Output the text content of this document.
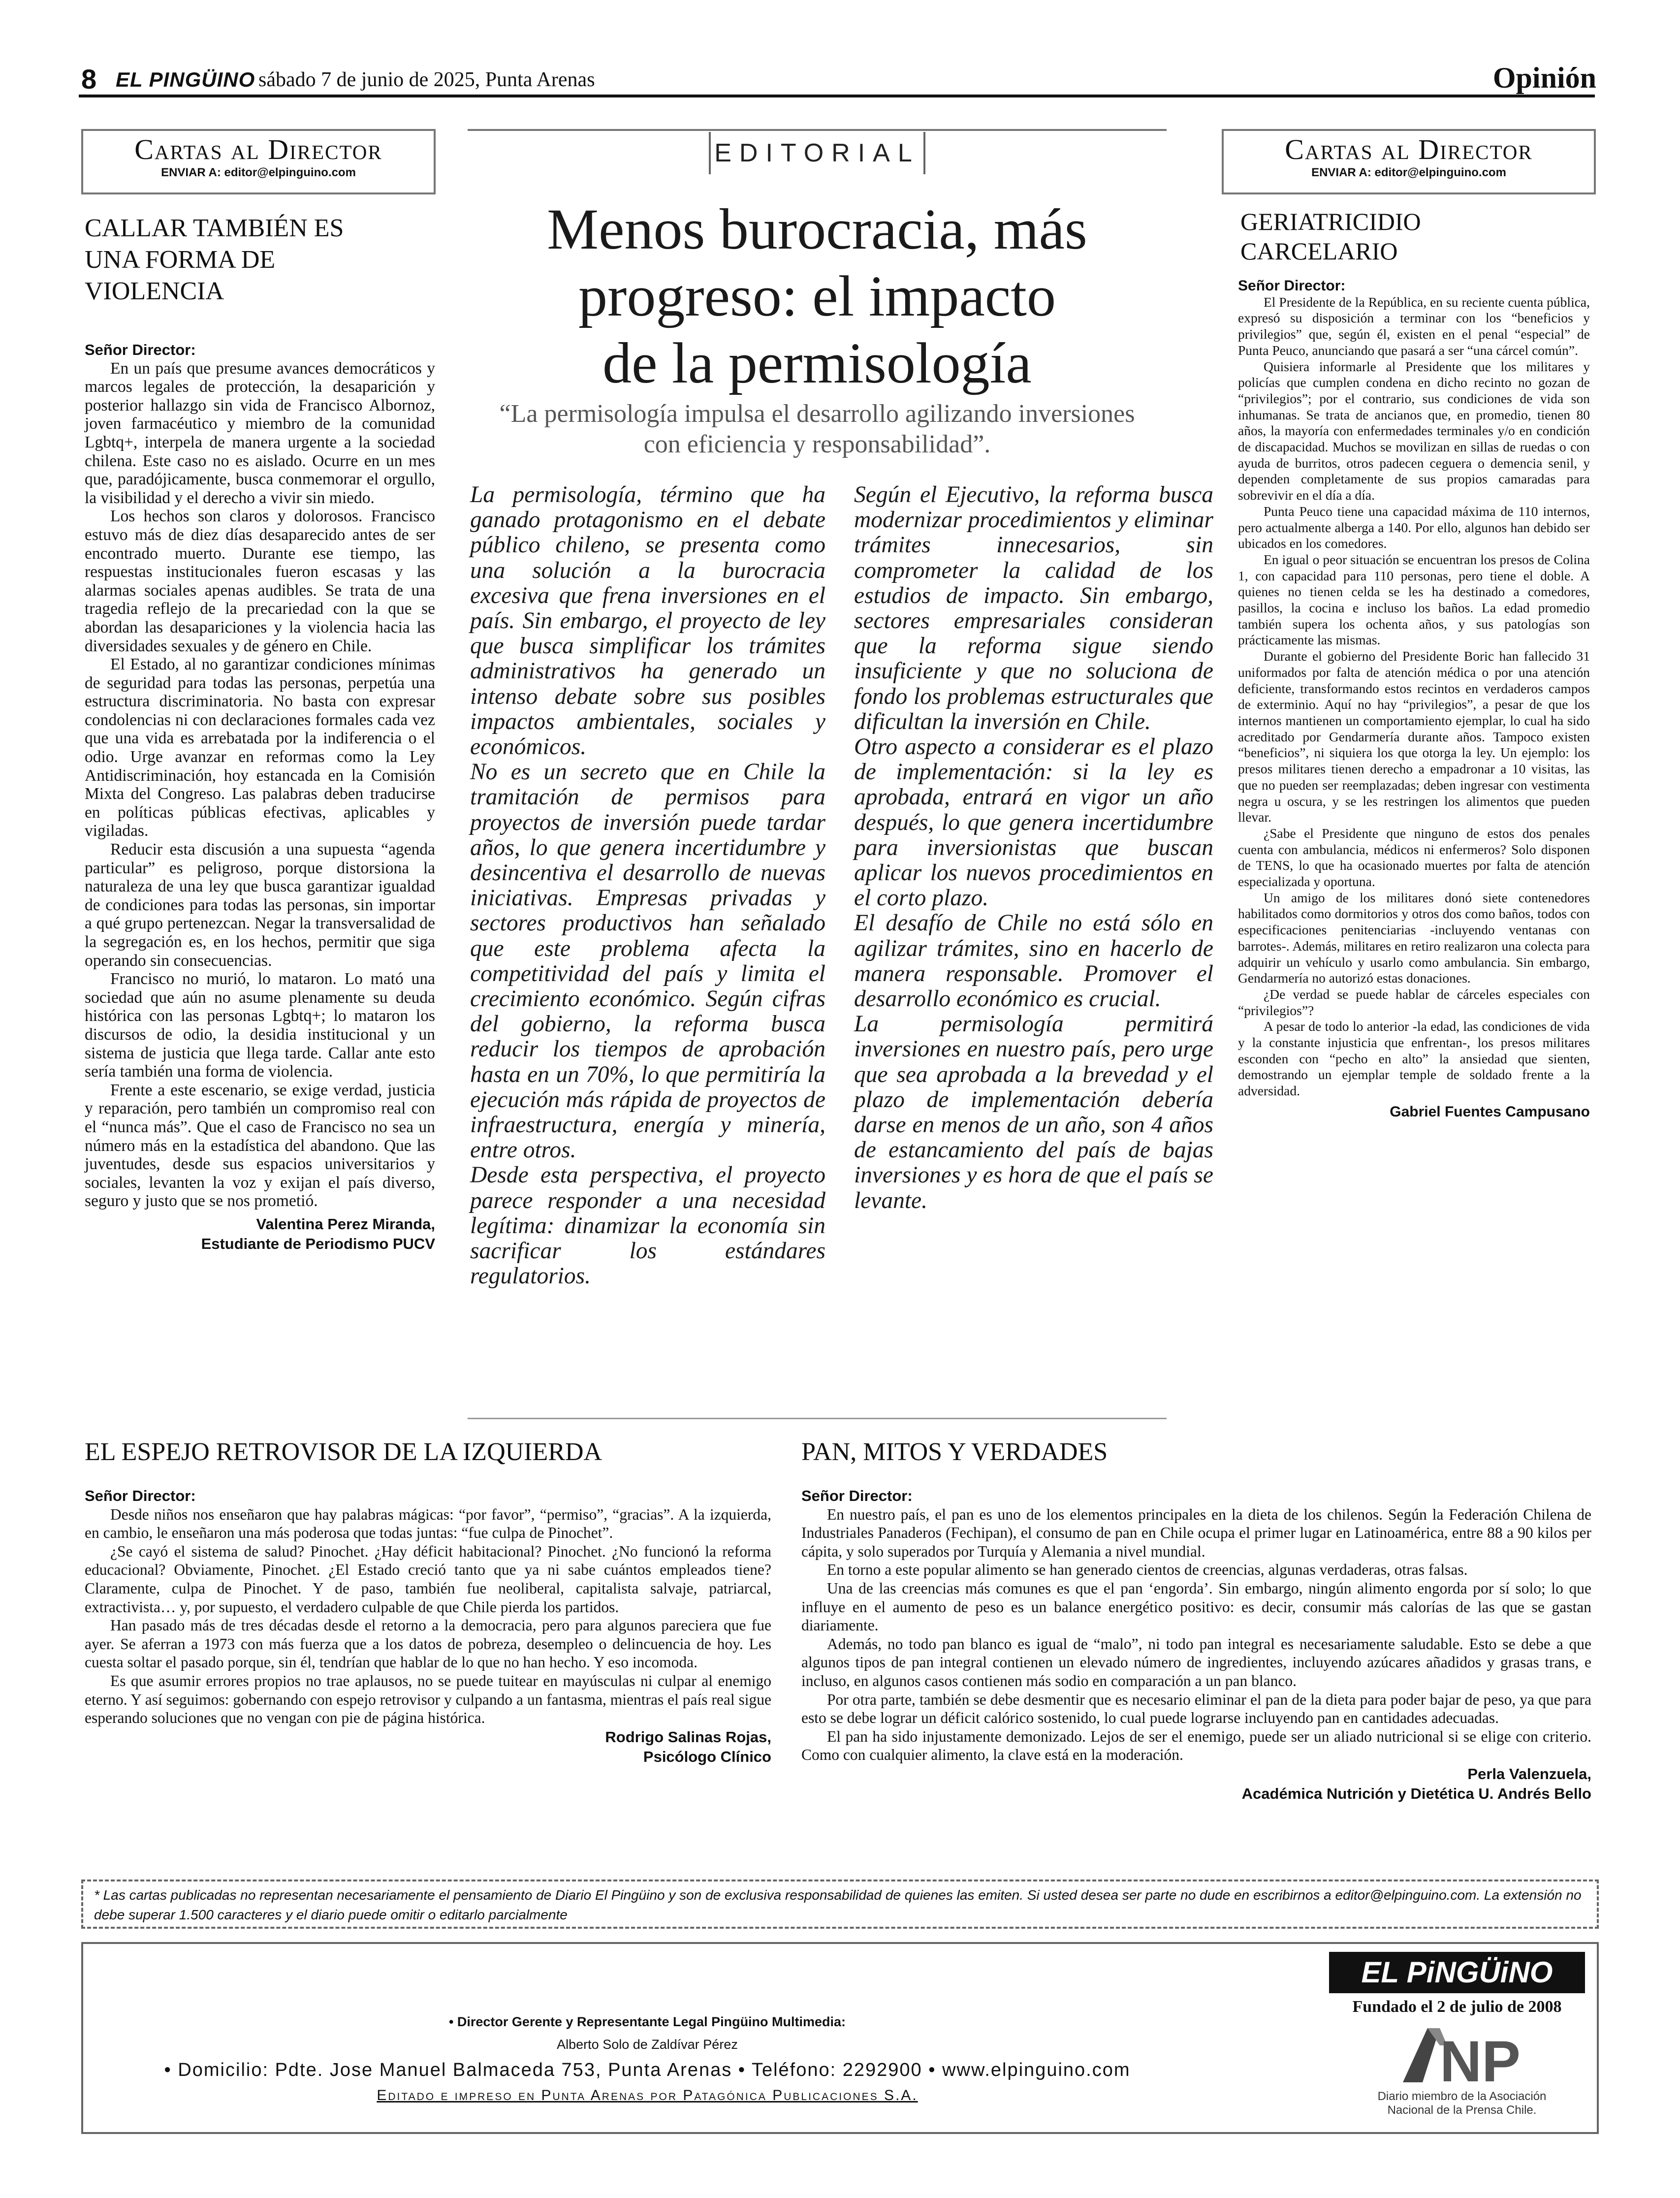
8 EL PINGÜINO sábado 7 de junio de 2025, Punta Arenas	Opinión
Cartas al Director
ENVIAR A: editor@elpinguino.com
CALLAR TAMBIÉN ES UNA FORMA DE VIOLENCIA

Señor Director:

En un país que presume avances democráticos y marcos legales de protección, la desaparición y posterior hallazgo sin vida de Francisco Albornoz, joven farmacéutico y miembro de la comunidad Lgbtq+, interpela de manera urgente a la sociedad chilena. Este caso no es aislado. Ocurre en un mes que, paradójicamente, busca conmemorar el orgullo, la visibilidad y el derecho a vivir sin miedo.

Los hechos son claros y dolorosos. Francisco estuvo más de diez días desaparecido antes de ser encontrado muerto. Durante ese tiempo, las respuestas institucionales fueron escasas y las alarmas sociales apenas audibles. Se trata de una tragedia reflejo de la precariedad con la que se abordan las desapariciones y la violencia hacia las diversidades sexuales y de género en Chile.

El Estado, al no garantizar condiciones mínimas de seguridad para todas las personas, perpetúa una estructura discriminatoria. No basta con expresar condolencias ni con declaraciones formales cada vez que una vida es arrebatada por la indiferencia o el odio. Urge avanzar en reformas como la Ley Antidiscriminación, hoy estancada en la Comisión Mixta del Congreso. Las palabras deben traducirse en políticas públicas efectivas, aplicables y vigiladas.

Reducir esta discusión a una supuesta “agenda particular” es peligroso, porque distorsiona la naturaleza de una ley que busca garantizar igualdad de condiciones para todas las personas, sin importar a qué grupo pertenezcan. Negar la transversalidad de la segregación es, en los hechos, permitir que siga operando sin consecuencias.

Francisco no murió, lo mataron. Lo mató una sociedad que aún no asume plenamente su deuda histórica con las personas Lgbtq+; lo mataron los discursos de odio, la desidia institucional y un sistema de justicia que llega tarde. Callar ante esto sería también una forma de violencia.

Frente a este escenario, se exige verdad, justicia y reparación, pero también un compromiso real con el “nunca más”. Que el caso de Francisco no sea un número más en la estadística del abandono. Que las juventudes, desde sus espacios universitarios y sociales, levanten la voz y exijan el país diverso, seguro y justo que se nos prometió.

Valentina Perez Miranda,
Estudiante de Periodismo PUCV
EDITORIAL
Menos burocracia, más
progreso: el impacto
de la permisología
“La permisología impulsa el desarrollo agilizando inversiones con eficiencia y responsabilidad”.

La permisología, término que ha ganado protagonismo en el debate público chileno, se presenta como una solución a la burocracia excesiva que frena inversiones en el país. Sin embargo, el proyecto de ley que busca simplificar los trámites administrativos ha generado un intenso debate sobre sus posibles impactos ambientales, sociales y económicos.

No es un secreto que en Chile la tramitación de permisos para proyectos de inversión puede tardar años, lo que genera incertidumbre y desincentiva el desarrollo de nuevas iniciativas. Empresas privadas y sectores productivos han señalado que este problema afecta la competitividad del país y limita el crecimiento económico. Según cifras del gobierno, la reforma busca reducir los tiempos de aprobación hasta en un 70%, lo que permitiría la ejecución más rápida de proyectos de infraestructura, energía y minería, entre otros.

Desde esta perspectiva, el proyecto parece responder a una necesidad legítima: dinamizar la economía sin sacrificar los estándares regulatorios.

Según el Ejecutivo, la reforma busca modernizar procedimientos y eliminar trámites innecesarios, sin comprometer la calidad de los estudios de impacto. Sin embargo, sectores empresariales consideran que la reforma sigue siendo insuficiente y que no soluciona de fondo los problemas estructurales que dificultan la inversión en Chile.

Otro aspecto a considerar es el plazo de implementación: si la ley es aprobada, entrará en vigor un año después, lo que genera incertidumbre para inversionistas que buscan aplicar los nuevos procedimientos en el corto plazo.

El desafío de Chile no está sólo en agilizar trámites, sino en hacerlo de manera responsable. Promover el desarrollo económico es crucial.

La permisología permitirá inversiones en nuestro país, pero urge que sea aprobada a la brevedad y el plazo de implementación debería darse en menos de un año, son 4 años de estancamiento del país de bajas inversiones y es hora de que el país se levante.

Cartas al Director
ENVIAR A: editor@elpinguino.com
GERIATRICIDIO CARCELARIO

Señor Director:

El Presidente de la República, en su reciente cuenta pública, expresó su disposición a terminar con los “beneficios y privilegios” que, según él, existen en el penal “especial” de Punta Peuco, anunciando que pasará a ser “una cárcel común”.

Quisiera informarle al Presidente que los militares y policías que cumplen condena en dicho recinto no gozan de “privilegios”; por el contrario, sus condiciones de vida son inhumanas. Se trata de ancianos que, en promedio, tienen 80 años, la mayoría con enfermedades terminales y/o en condición de discapacidad. Muchos se movilizan en sillas de ruedas o con ayuda de burritos, otros padecen ceguera o demencia senil, y dependen completamente de sus propios camaradas para sobrevivir en el día a día.

Punta Peuco tiene una capacidad máxima de 110 internos, pero actualmente alberga a 140. Por ello, algunos han debido ser ubicados en los comedores.

En igual o peor situación se encuentran los presos de Colina 1, con capacidad para 110 personas, pero tiene el doble. A quienes no tienen celda se les ha destinado a comedores, pasillos, la cocina e incluso los baños. La edad promedio también supera los ochenta años, y sus patologías son prácticamente las mismas.

Durante el gobierno del Presidente Boric han fallecido 31 uniformados por falta de atención médica o por una atención deficiente, transformando estos recintos en verdaderos campos de exterminio. Aquí no hay “privilegios”, a pesar de que los internos mantienen un comportamiento ejemplar, lo cual ha sido acreditado por Gendarmería durante años. Tampoco existen “beneficios”, ni siquiera los que otorga la ley. Un ejemplo: los presos militares tienen derecho a empadronar a 10 visitas, las que no pueden ser reemplazadas; deben ingresar con vestimenta negra u oscura, y se les restringen los alimentos que pueden llevar.

¿Sabe el Presidente que ninguno de estos dos penales cuenta con ambulancia, médicos ni enfermeros? Solo disponen de TENS, lo que ha ocasionado muertes por falta de atención especializada y oportuna.

Un amigo de los militares donó siete contenedores habilitados como dormitorios y otros dos como baños, todos con especificaciones penitenciarias -incluyendo ventanas con barrotes-. Además, militares en retiro realizaron una colecta para adquirir un vehículo y usarlo como ambulancia. Sin embargo, Gendarmería no autorizó estas donaciones.

¿De verdad se puede hablar de cárceles especiales con “privilegios”?

A pesar de todo lo anterior -la edad, las condiciones de vida y la constante injusticia que enfrentan-, los presos militares esconden con “pecho en alto” la ansiedad que sienten, demostrando un ejemplar temple de soldado frente a la adversidad.

Gabriel Fuentes Campusano
EL ESPEJO RETROVISOR DE LA IZQUIERDA

Señor Director:

Desde niños nos enseñaron que hay palabras mágicas: “por favor”, “permiso”, “gracias”. A la izquierda, en cambio, le enseñaron una más poderosa que todas juntas: “fue culpa de Pinochet”.

¿Se cayó el sistema de salud? Pinochet. ¿Hay déficit habitacional? Pinochet. ¿No funcionó la reforma educacional? Obviamente, Pinochet. ¿El Estado creció tanto que ya ni sabe cuántos empleados tiene? Claramente, culpa de Pinochet. Y de paso, también fue neoliberal, capitalista salvaje, patriarcal, extractivista… y, por supuesto, el verdadero culpable de que Chile pierda los partidos.

Han pasado más de tres décadas desde el retorno a la democracia, pero para algunos pareciera que fue ayer. Se aferran a 1973 con más fuerza que a los datos de pobreza, desempleo o delincuencia de hoy. Les cuesta soltar el pasado porque, sin él, tendrían que hablar de lo que no han hecho. Y eso incomoda.

Es que asumir errores propios no trae aplausos, no se puede tuitear en mayúsculas ni culpar al enemigo eterno. Y así seguimos: gobernando con espejo retrovisor y culpando a un fantasma, mientras el país real sigue esperando soluciones que no vengan con pie de página histórica.

Rodrigo Salinas Rojas,
Psicólogo Clínico
PAN, MITOS Y VERDADES

Señor Director:

En nuestro país, el pan es uno de los elementos principales en la dieta de los chilenos. Según la Federación Chilena de Industriales Panaderos (Fechipan), el consumo de pan en Chile ocupa el primer lugar en Latinoamérica, entre 88 a 90 kilos per cápita, y solo superados por Turquía y Alemania a nivel mundial.

En torno a este popular alimento se han generado cientos de creencias, algunas verdaderas, otras falsas.

Una de las creencias más comunes es que el pan ‘engorda’. Sin embargo, ningún alimento engorda por sí solo; lo que influye en el aumento de peso es un balance energético positivo: es decir, consumir más calorías de las que se gastan diariamente.

Además, no todo pan blanco es igual de “malo”, ni todo pan integral es necesariamente saludable. Esto se debe a que algunos tipos de pan integral contienen un elevado número de ingredientes, incluyendo azúcares añadidos y grasas trans, e incluso, en algunos casos contienen más sodio en comparación a un pan blanco.

Por otra parte, también se debe desmentir que es necesario eliminar el pan de la dieta para poder bajar de peso, ya que para esto se debe lograr un déficit calórico sostenido, lo cual puede lograrse incluyendo pan en cantidades adecuadas.

El pan ha sido injustamente demonizado. Lejos de ser el enemigo, puede ser un aliado nutricional si se elige con criterio. Como con cualquier alimento, la clave está en la moderación.

Perla Valenzuela,
Académica Nutrición y Dietética U. Andrés Bello
* Las cartas publicadas no representan necesariamente el pensamiento de Diario El Pingüino y son de exclusiva responsabilidad de quienes las emiten. Si usted desea ser parte no dude en escribirnos a editor@elpinguino.com. La extensión no debe superar 1.500 caracteres y el diario puede omitir o editarlo parcialmente
• Director Gerente y Representante Legal Pingüino Multimedia:
Alberto Solo de Zaldívar Pérez
• Domicilio: Pdte. Jose Manuel Balmaceda 753, Punta Arenas • Teléfono: 2292900 • www.elpinguino.com
Editado e impreso en Punta Arenas por Patagónica Publicaciones S.A.
EL PiNGÜiNO
Fundado el 2 de julio de 2008
NP
Diario miembro de la Asociación Nacional de la Prensa Chile.
